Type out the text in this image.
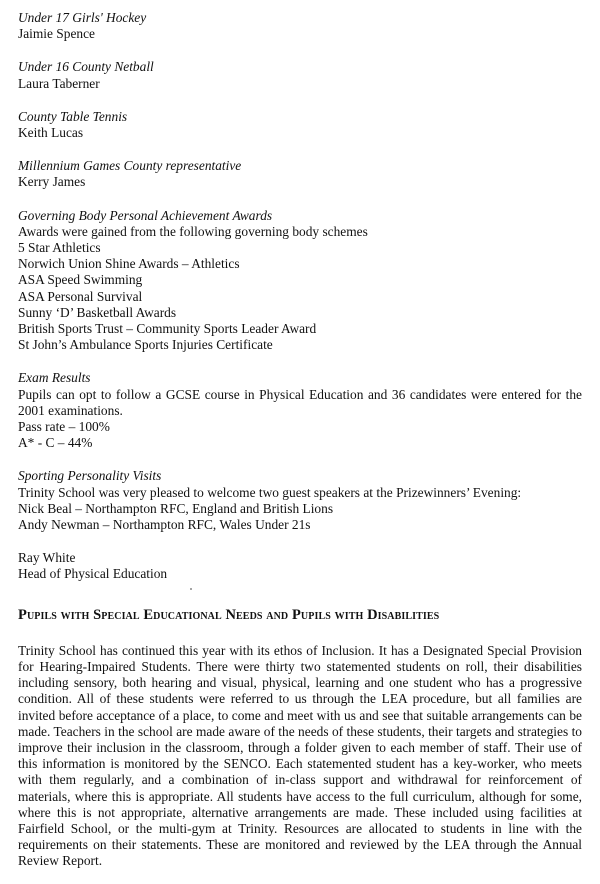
Under 17 Girls' Hockey
Jaimie Spence
Under 16 County Netball
Laura Taberner
County Table Tennis
Keith Lucas
Millennium Games County representative
Kerry James
Governing Body Personal Achievement Awards
Awards were gained from the following governing body schemes
5 Star Athletics
Norwich Union Shine Awards – Athletics
ASA Speed Swimming
ASA Personal Survival
Sunny ‘D’ Basketball Awards
British Sports Trust – Community Sports Leader Award
St John’s Ambulance Sports Injuries Certificate
Exam Results
Pupils can opt to follow a GCSE course in Physical Education and 36 candidates were entered for the 2001 examinations.
Pass rate – 100%
A* - C – 44%
Sporting Personality Visits
Trinity School was very pleased to welcome two guest speakers at the Prizewinners’ Evening:
Nick Beal – Northampton RFC, England and British Lions
Andy Newman – Northampton RFC, Wales Under 21s
Ray White
Head of Physical Education
Pupils with Special Educational Needs and Pupils with Disabilities
Trinity School has continued this year with its ethos of Inclusion. It has a Designated Special Provision for Hearing-Impaired Students. There were thirty two statemented students on roll, their disabilities including sensory, both hearing and visual, physical, learning and one student who has a progressive condition. All of these students were referred to us through the LEA procedure, but all families are invited before acceptance of a place, to come and meet with us and see that suitable arrangements can be made. Teachers in the school are made aware of the needs of these students, their targets and strategies to improve their inclusion in the classroom, through a folder given to each member of staff. Their use of this information is monitored by the SENCO. Each statemented student has a key-worker, who meets with them regularly, and a combination of in-class support and withdrawal for reinforcement of materials, where this is appropriate. All students have access to the full curriculum, although for some, where this is not appropriate, alternative arrangements are made. These included using facilities at Fairfield School, or the multi-gym at Trinity. Resources are allocated to students in line with the requirements on their statements. These are monitored and reviewed by the LEA through the Annual Review Report.
